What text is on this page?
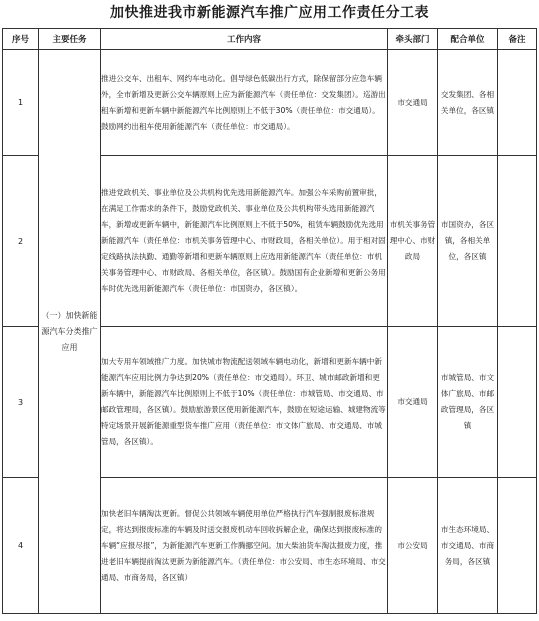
加快推进我市新能源汽车推广应用工作责任分工表
序号	主要任务	工作内容	牵头部门	配合单位	备注
1	（一）加快新能源汽车分类推广应用	推进公交车、出租车、网约车电动化。倡导绿色低碳出行方式，除保留部分应急车辆外，全市新增及更新公交车辆原则上应为新能源汽车（责任单位：交发集团）。巡游出租车新增和更新车辆中新能源汽车比例原则上不低于30%（责任单位：市交通局）。鼓励网约出租车使用新能源汽车（责任单位：市交通局）。	市交通局	交发集团、各相关单位，各区镇	
2		推进党政机关、事业单位及公共机构优先选用新能源汽车。加强公车采购前置审批，在满足工作需求的条件下，鼓励党政机关、事业单位及公共机构带头选用新能源汽车，新增或更新车辆中，新能源汽车比例原则上不低于50%，租赁车辆鼓励优先选用新能源汽车（责任单位：市机关事务管理中心、市财政局，各相关单位）。用于相对固定线路执法执勤、通勤等新增和更新车辆原则上应选用新能源汽车（责任单位：市机关事务管理中心、市财政局、各相关单位，各区镇）。鼓励国有企业新增和更新公务用车时优先选用新能源汽车（责任单位：市国资办，各区镇）。	市机关事务管理中心、市财政局	市国资办，各区镇，各相关单位，各区镇	
3		加大专用车领域推广力度。加快城市物流配送领域车辆电动化，新增和更新车辆中新能源汽车应用比例力争达到20%（责任单位：市交通局）。环卫、城市邮政新增和更新车辆中，新能源汽车比例原则上不低于10%（责任单位：市城管局、市交通局、市邮政管理局，各区镇）。鼓励旅游景区使用新能源汽车，鼓励在短途运输、城建物流等特定场景开展新能源重型货车推广应用（责任单位：市文体广旅局、市交通局、市城管局，各区镇）。	市交通局	市城管局、市文体广旅局、市邮政管理局，各区镇	
4		加快老旧车辆淘汰更新。督促公共领域车辆使用单位严格执行汽车强制报废标准规定，将达到报废标准的车辆及时送交报废机动车回收拆解企业，确保达到报废标准的车辆“应报尽报”，为新能源汽车更新工作腾挪空间。加大柴油货车淘汰报废力度，推进老旧车辆提前淘汰更新为新能源汽车。（责任单位：市公安局、市生态环境局、市交通局、市商务局，各区镇）	市公安局	市生态环境局、市交通局、市商务局，各区镇	
